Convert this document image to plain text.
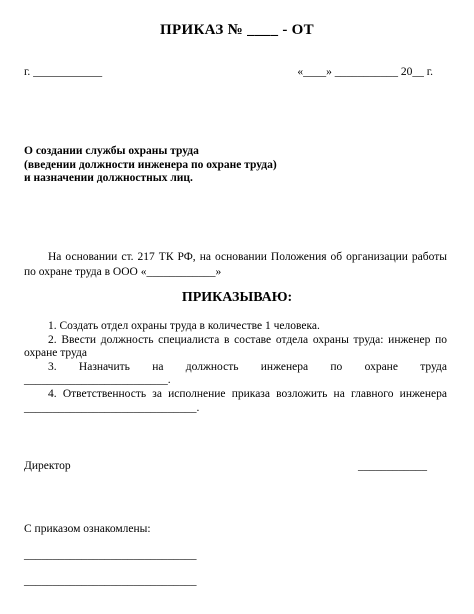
ПРИКАЗ № ____ - ОТ
г. ____________	«____» ___________ 20__ г.
О создании службы охраны труда
(введении должности инженера по охране труда)
и назначении должностных лиц.
На основании ст. 217 ТК РФ, на основании Положения об организации работы по охране труда в ООО «____________»
ПРИКАЗЫВАЮ:

1. Создать отдел охраны труда в количестве 1 человека.

2. Ввести должность специалиста в составе отдела охраны труда: инженер по охране труда

3. Назначить на должность инженера по охране труда _________________________.

4. Ответственность за исполнение приказа возложить на главного инженера ______________________________.

Директор	____________
С приказом ознакомлены:
______________________________
______________________________
